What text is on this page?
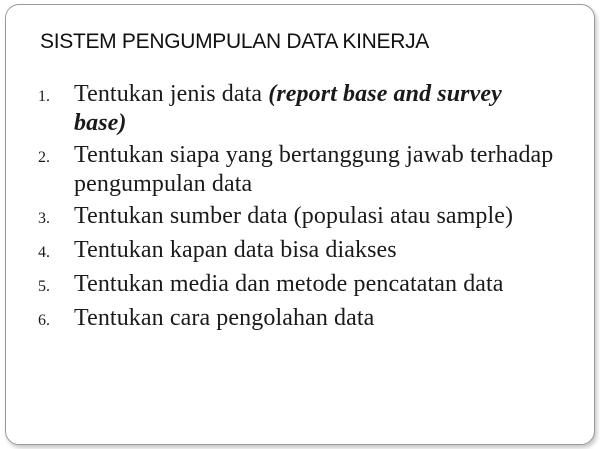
SISTEM PENGUMPULAN DATA KINERJA
1.	Tentukan jenis data (report base and survey base)
2.	Tentukan siapa yang bertanggung jawab terhadap pengumpulan data
3.	Tentukan sumber data (populasi atau sample)
4.	Tentukan kapan data bisa diakses
5.	Tentukan media dan metode pencatatan data
6.	Tentukan cara pengolahan data
